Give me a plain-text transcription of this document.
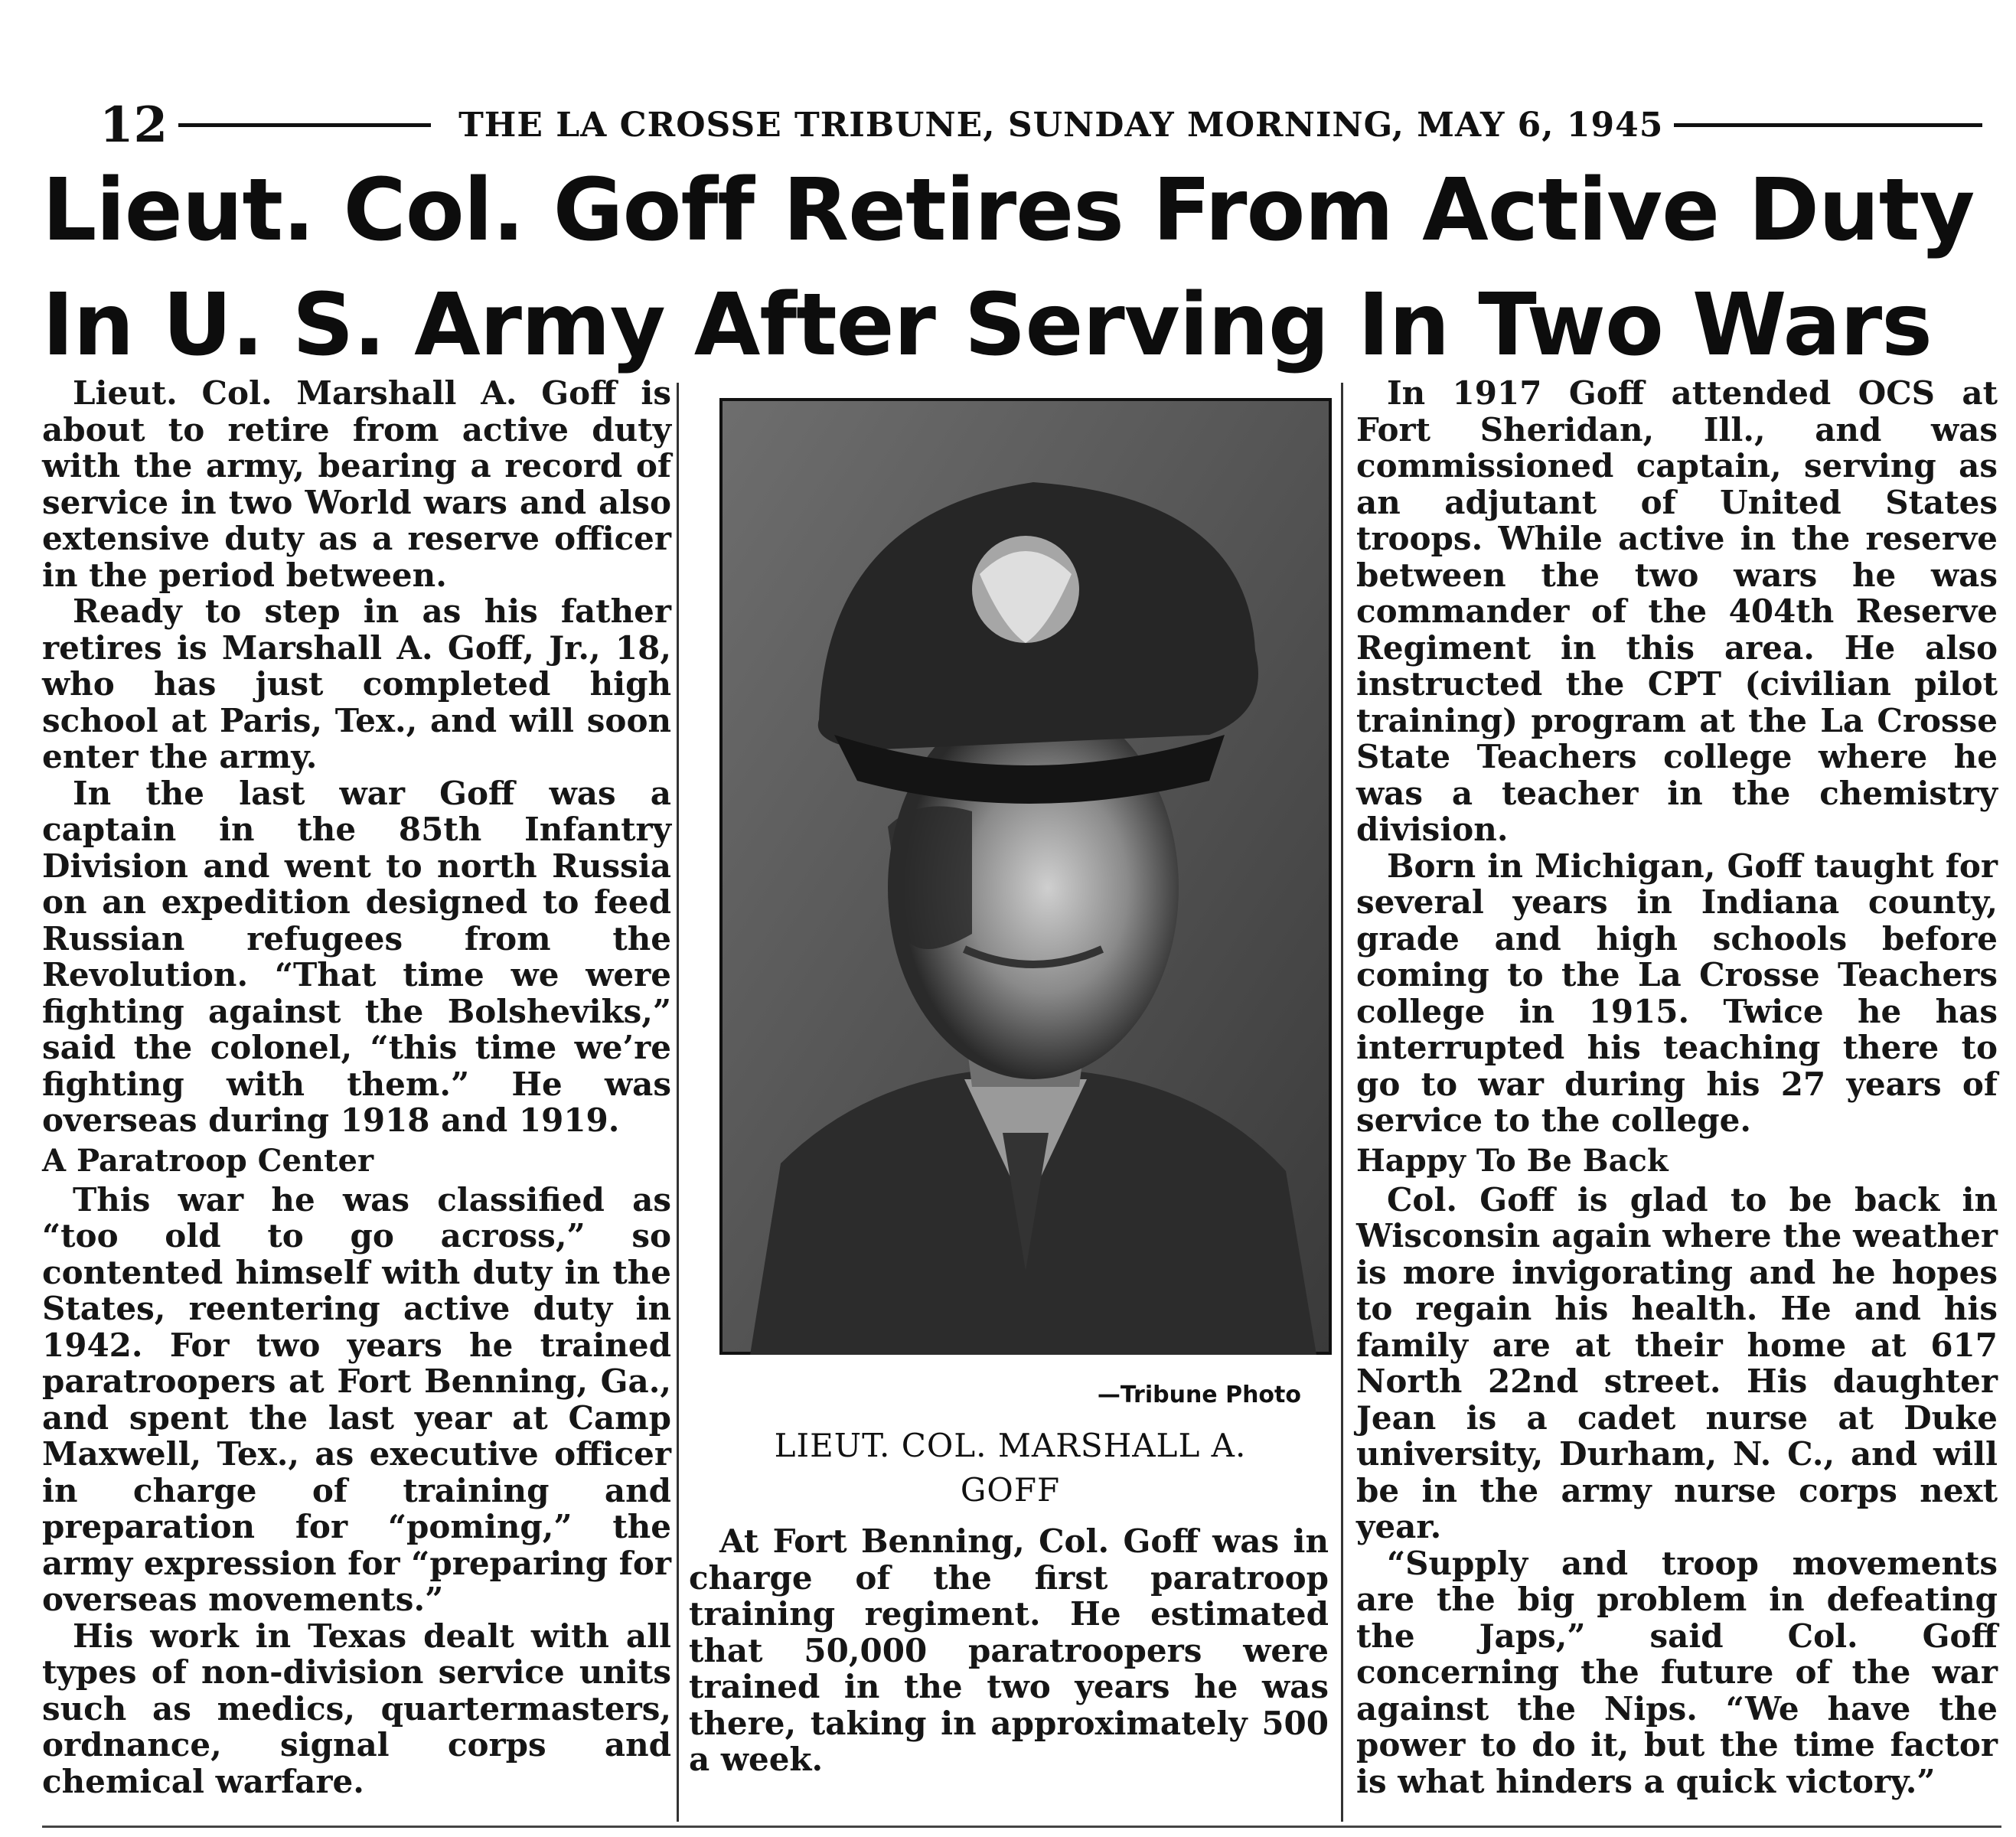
12	THE LA CROSSE TRIBUNE, SUNDAY MORNING, MAY 6, 1945
Lieut. Col. Goff Retires From Active Duty
In U. S. Army After Serving In Two Wars

Lieut. Col. Marshall A. Goff is about to retire from active duty with the army, bearing a record of service in two World wars and also extensive duty as a reserve officer in the period between.

Ready to step in as his father retires is Marshall A. Goff, Jr., 18, who has just completed high school at Paris, Tex., and will soon enter the army.

In the last war Goff was a captain in the 85th Infantry Division and went to north Russia on an expedition designed to feed Russian refugees from the Revolution. “That time we were fighting against the Bolsheviks,” said the colonel, “this time we’re fighting with them.” He was overseas during 1918 and 1919.

A Paratroop Center

This war he was classified as “too old to go across,” so contented himself with duty in the States, reentering active duty in 1942. For two years he trained paratroopers at Fort Benning, Ga., and spent the last year at Camp Maxwell, Tex., as executive officer in charge of training and preparation for “poming,” the army expression for “preparing for overseas movements.”

His work in Texas dealt with all types of non-division service units such as medics, quartermasters, ordnance, signal corps and chemical warfare.

—Tribune Photo
LIEUT. COL. MARSHALL A.
GOFF

At Fort Benning, Col. Goff was in charge of the first paratroop training regiment. He estimated that 50,000 paratroopers were trained in the two years he was there, taking in approximately 500 a week.

In 1917 Goff attended OCS at Fort Sheridan, Ill., and was commissioned captain, serving as an adjutant of United States troops. While active in the reserve between the two wars he was commander of the 404th Reserve Regiment in this area. He also instructed the CPT (civilian pilot training) program at the La Crosse State Teachers college where he was a teacher in the chemistry division.

Born in Michigan, Goff taught for several years in Indiana county, grade and high schools before coming to the La Crosse Teachers college in 1915. Twice he has interrupted his teaching there to go to war during his 27 years of service to the college.

Happy To Be Back

Col. Goff is glad to be back in Wisconsin again where the weather is more invigorating and he hopes to regain his health. He and his family are at their home at 617 North 22nd street. His daughter Jean is a cadet nurse at Duke university, Durham, N. C., and will be in the army nurse corps next year.

“Supply and troop movements are the big problem in defeating the Japs,” said Col. Goff concerning the future of the war against the Nips. “We have the power to do it, but the time factor is what hinders a quick victory.”
